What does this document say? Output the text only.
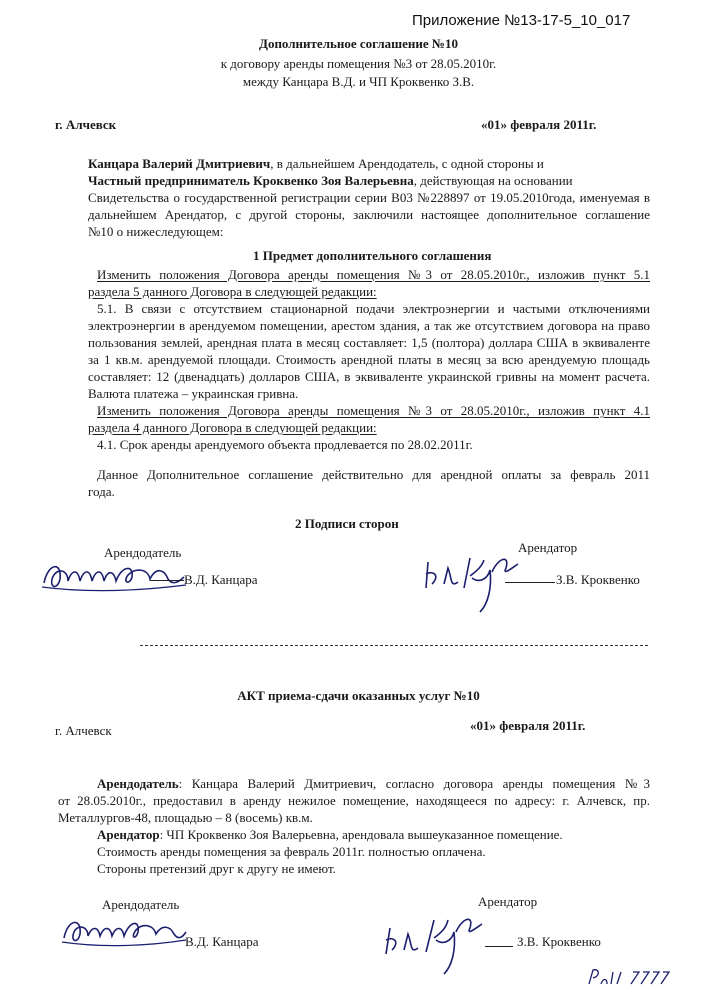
Приложение №13-17-5_10_017
Дополнительное соглашение №10
к договору аренды помещения №3 от 28.05.2010г.
между Канцара В.Д. и ЧП Кроквенко З.В.
г. Алчевск	«01» февраля 2011г.
Канцара Валерий Дмитриевич, в дальнейшем Арендодатель, с одной стороны и
Частный предприниматель Кроквенко Зоя Валерьевна, действующая на основании
Свидетельства о государственной регистрации серии В03 №228897 от 19.05.2010года, именуемая в
дальнейшем Арендатор, с другой стороны, заключили настоящее дополнительное соглашение
№10 о нижеследующем:
1 Предмет дополнительного соглашения
Изменить положения Договора аренды помещения №3 от 28.05.2010г., изложив пункт 5.1
раздела 5 данного Договора в следующей редакции:
5.1. В связи с отсутствием стационарной подачи электроэнергии и частыми отключениями
электроэнергии в арендуемом помещении, арестом здания, а так же отсутствием договора на право
пользования землей, арендная плата в месяц составляет: 1,5 (полтора) доллара США в эквиваленте
за 1 кв.м. арендуемой площади. Стоимость арендной платы в месяц за всю арендуемую площадь
составляет: 12 (двенадцать) долларов США, в эквиваленте украинской гривны на момент расчета.
Валюта платежа – украинская гривна.
Изменить положения Договора аренды помещения №3 от 28.05.2010г., изложив пункт 4.1
раздела 4 данного Договора в следующей редакции:
4.1. Срок аренды арендуемого объекта продлевается по 28.02.2011г.
Данное Дополнительное соглашение действительно для арендной оплаты за февраль 2011
года.
2 Подписи сторон
Арендодатель	Арендатор
В.Д. Канцара	З.В. Кроквенко
АКТ приема-сдачи оказанных услуг №10
г. Алчевск	«01» февраля 2011г.
Арендодатель: Канцара Валерий Дмитриевич, согласно договора аренды помещения №3
от 28.05.2010г., предоставил в аренду нежилое помещение, находящееся по адресу: г. Алчевск, пр.
Металлургов-48, площадью – 8 (восемь) кв.м.
Арендатор: ЧП Кроквенко Зоя Валерьевна, арендовала вышеуказанное помещение.
Стоимость аренды помещения за февраль 2011г. полностью оплачена.
Стороны претензий друг к другу не имеют.
Арендодатель	Арендатор
В.Д. Канцара	З.В. Кроквенко
